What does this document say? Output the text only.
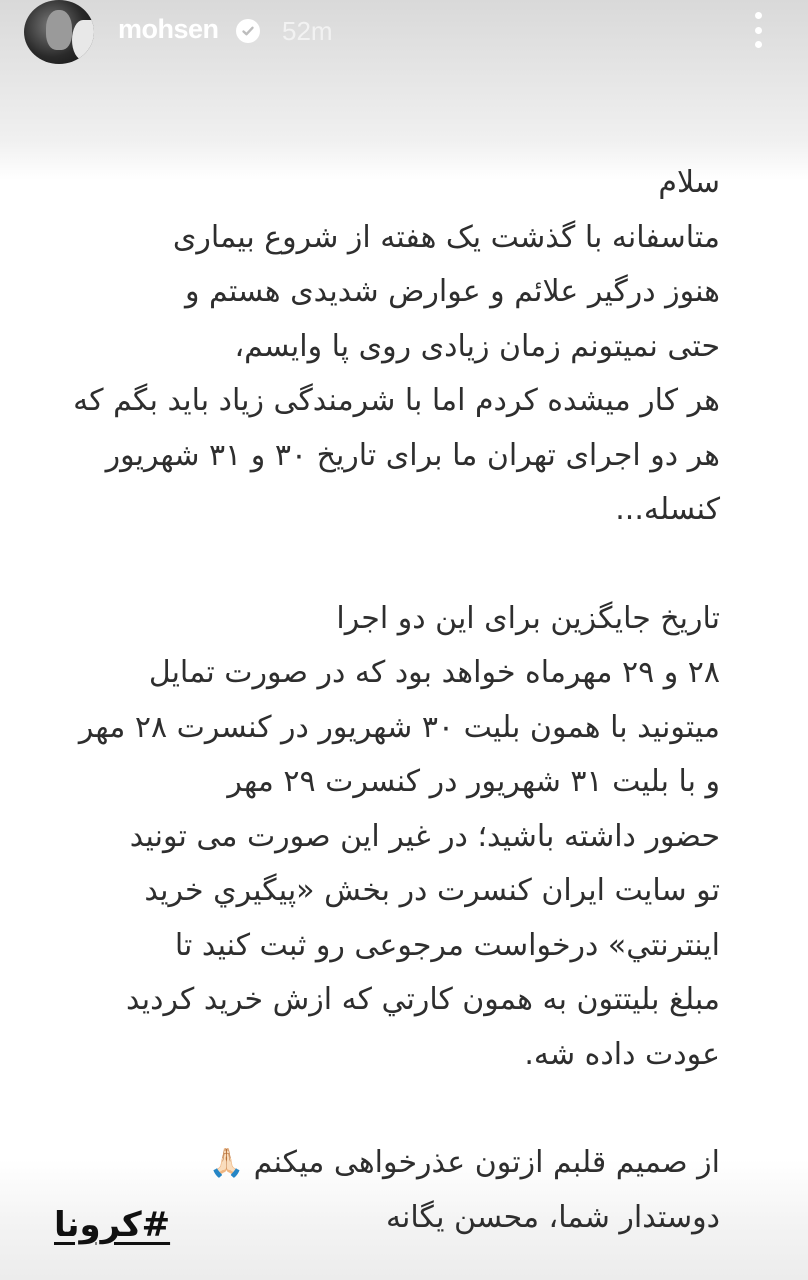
mohsen 52m
سلام
متاسفانه با گذشت یک هفته از شروع بیماری
هنوز درگیر علائم و عوارض شدیدی هستم و
حتی نمیتونم زمان زیادی روی پا وایسم،
هر کار میشده کردم اما با شرمندگی زیاد باید بگم که
هر دو اجرای تهران ما برای تاریخ ۳۰ و ۳۱ شهریور
کنسله...
تاریخ جایگزین برای این دو اجرا
۲۸ و ۲۹ مهرماه خواهد بود که در صورت تمایل
میتونید با همون بلیت ۳۰ شهریور در کنسرت ۲۸ مهر
و با بلیت ۳۱ شهریور در کنسرت ۲۹ مهر
حضور داشته باشید؛ در غیر این صورت می تونید
تو سایت ایران کنسرت در بخش «پیگيري خريد
اينترنتي» درخواست مرجوعی رو ثبت کنید تا
مبلغ بلیتتون به همون کارتي که ازش خريد کرديد
عودت داده شه.
از صمیم قلبم ازتون عذرخواهی میکنم 🙏🏻
دوستدار شما، محسن یگانه
#کرونا
